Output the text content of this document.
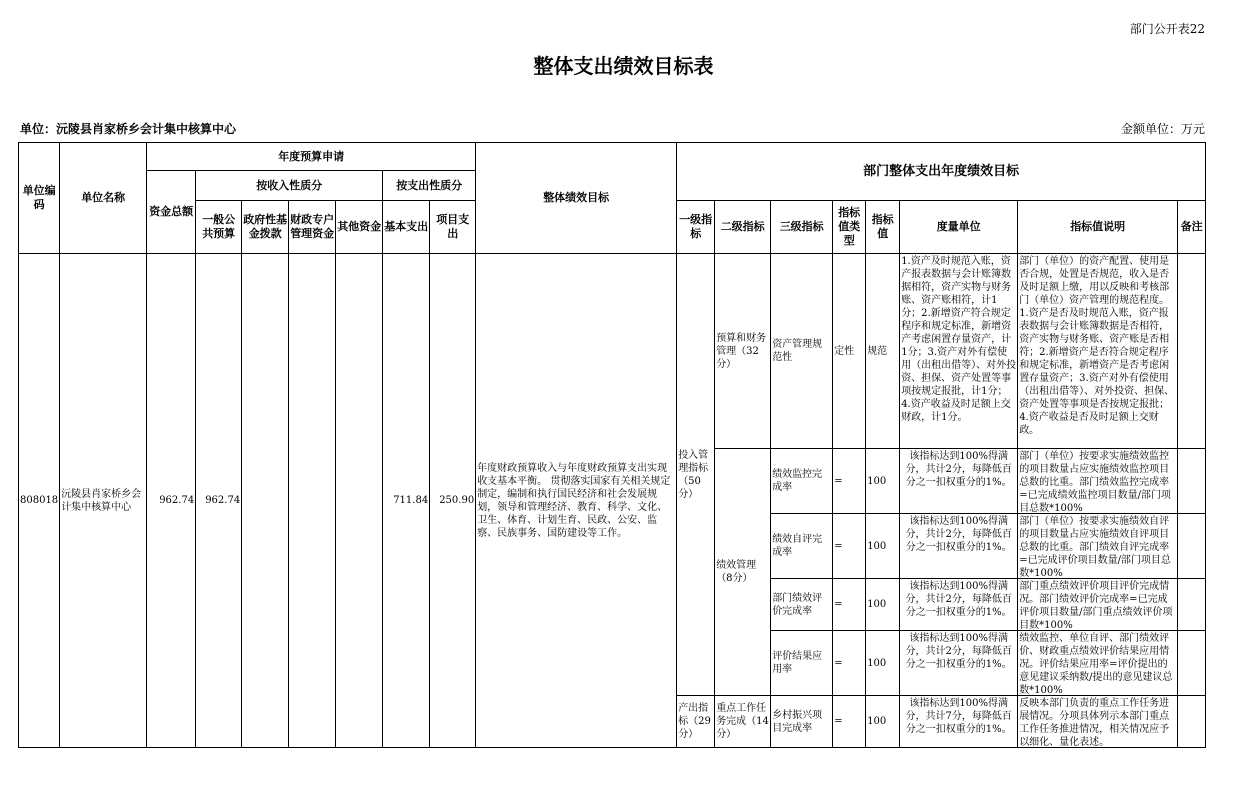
部门公开表22
整体支出绩效目标表
单位：沅陵县肖家桥乡会计集中核算中心	金额单位：万元
单位编码	单位名称	年度预算申请							整体绩效目标	部门整体支出年度绩效目标							
		资金总额	按收入性质分				按支出性质分										
			一般公共预算	政府性基金拨款	财政专户管理资金	其他资金	基本支出	项目支出		一级指标	二级指标	三级指标	指标值类型	指标值	度量单位	指标值说明	备注
808018	沅陵县肖家桥乡会计集中核算中心	962.74	962.74				711.84	250.90	年度财政预算收入与年度财政预算支出实现收支基本平衡。 贯彻落实国家有关相关规定制定，编制和执行国民经济和社会发展规划，领导和管理经济、教育、科学、文化、卫生、体育、计划生育、民政、公安、监察、民族事务、国防建设等工作。	投入管理指标（50分）	预算和财务管理（32分）	资产管理规范性	定性	规范	1.资产及时规范入账，资产报表数据与会计账簿数据相符，资产实物与财务账、资产账相符，计1分；2.新增资产符合规定程序和规定标准，新增资产考虑闲置存量资产，计1分；3.资产对外有偿使用（出租出借等）、对外投资、担保、资产处置等事项按规定报批，计1分；4.资产收益及时足额上交财政，计1分。	部门（单位）的资产配置、使用是否合规，处置是否规范，收入是否及时足额上缴，用以反映和考核部门（单位）资产管理的规范程度。1.资产是否及时规范入账，资产报表数据与会计账簿数据是否相符，资产实物与财务账、资产账是否相符；2.新增资产是否符合规定程序和规定标准，新增资产是否考虑闲置存量资产；3.资产对外有偿使用（出租出借等）、对外投资、担保、资产处置等事项是否按规定报批；4.资产收益是否及时足额上交财政。	

											绩效管理（8分）	绩效监控完成率	=	100	该指标达到100%得满分，共计2分，每降低百分之一扣权重分的1%。	部门（单位）按要求实施绩效监控的项目数量占应实施绩效监控项目总数的比重。部门绩效监控完成率=已完成绩效监控项目数量/部门项目总数*100%	

												绩效自评完成率	=	100	该指标达到100%得满分，共计2分，每降低百分之一扣权重分的1%。	部门（单位）按要求实施绩效自评的项目数量占应实施绩效自评项目总数的比重。部门绩效自评完成率=已完成评价项目数量/部门项目总数*100%	

												部门绩效评价完成率	=	100	该指标达到100%得满分，共计2分，每降低百分之一扣权重分的1%。	部门重点绩效评价项目评价完成情况。部门绩效评价完成率=已完成评价项目数量/部门重点绩效评价项目数*100%	

												评价结果应用率	=	100	该指标达到100%得满分，共计2分，每降低百分之一扣权重分的1%。	绩效监控、单位自评、部门绩效评价、财政重点绩效评价结果应用情况。评价结果应用率=评价提出的意见建议采纳数/提出的意见建议总数*100%	

										产出指标（29分）	重点工作任务完成（14分）	乡村振兴项目完成率	=	100	该指标达到100%得满分，共计7分，每降低百分之一扣权重分的1%。	反映本部门负责的重点工作任务进展情况。分项具体列示本部门重点工作任务推进情况，相关情况应予以细化、量化表述。	
